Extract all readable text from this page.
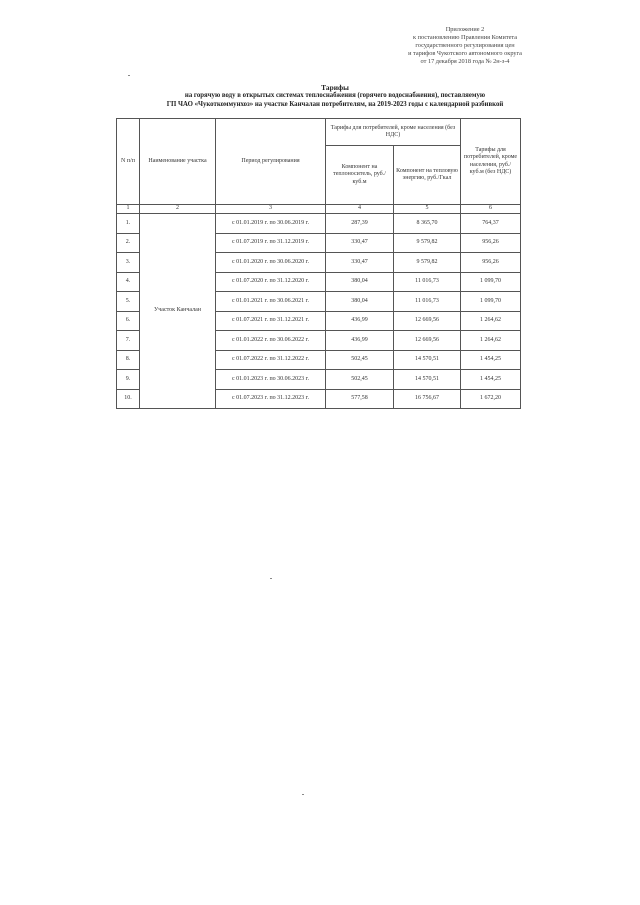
Приложение 2
к постановлению Правления Комитета
государственного регулирования цен
и тарифов Чукотского автономного округа
от 17 декабря 2018 года № 2н-з-4
Тарифы
на горячую воду в открытых системах теплоснабжения (горячего водоснабжения), поставляемую
ГП ЧАО «Чукоткоммунхоз» на участке Канчалан потребителям, на 2019-2023 годы с календарной разбивкой
N п/п	Наименование участка	Период регулирования	Тарифы для потребителей, кроме населения (без НДС)		Тарифы для потребителей, кроме населения, руб./куб.м (без НДС)
			Компонент на теплоноситель, руб./куб.м	Компонент на тепловую энергию, руб./Гкал	
1	2	3	4	5	6
1.	Участок Канчалан	с 01.01.2019 г. по 30.06.2019 г.	287,39	8 365,70	764,37
2.		с 01.07.2019 г. по 31.12.2019 г.	330,47	9 579,82	956,26
3.		с 01.01.2020 г. по 30.06.2020 г.	330,47	9 579,82	956,26
4.		с 01.07.2020 г. по 31.12.2020 г.	380,04	11 016,73	1 099,70
5.		с 01.01.2021 г. по 30.06.2021 г.	380,04	11 016,73	1 099,70
6.		с 01.07.2021 г. по 31.12.2021 г.	436,99	12 669,56	1 264,62
7.		с 01.01.2022 г. по 30.06.2022 г.	436,99	12 669,56	1 264,62
8.		с 01.07.2022 г. по 31.12.2022 г.	502,45	14 570,51	1 454,25
9.		с 01.01.2023 г. по 30.06.2023 г.	502,45	14 570,51	1 454,25
10.		с 01.07.2023 г. по 31.12.2023 г.	577,58	16 756,67	1 672,20
